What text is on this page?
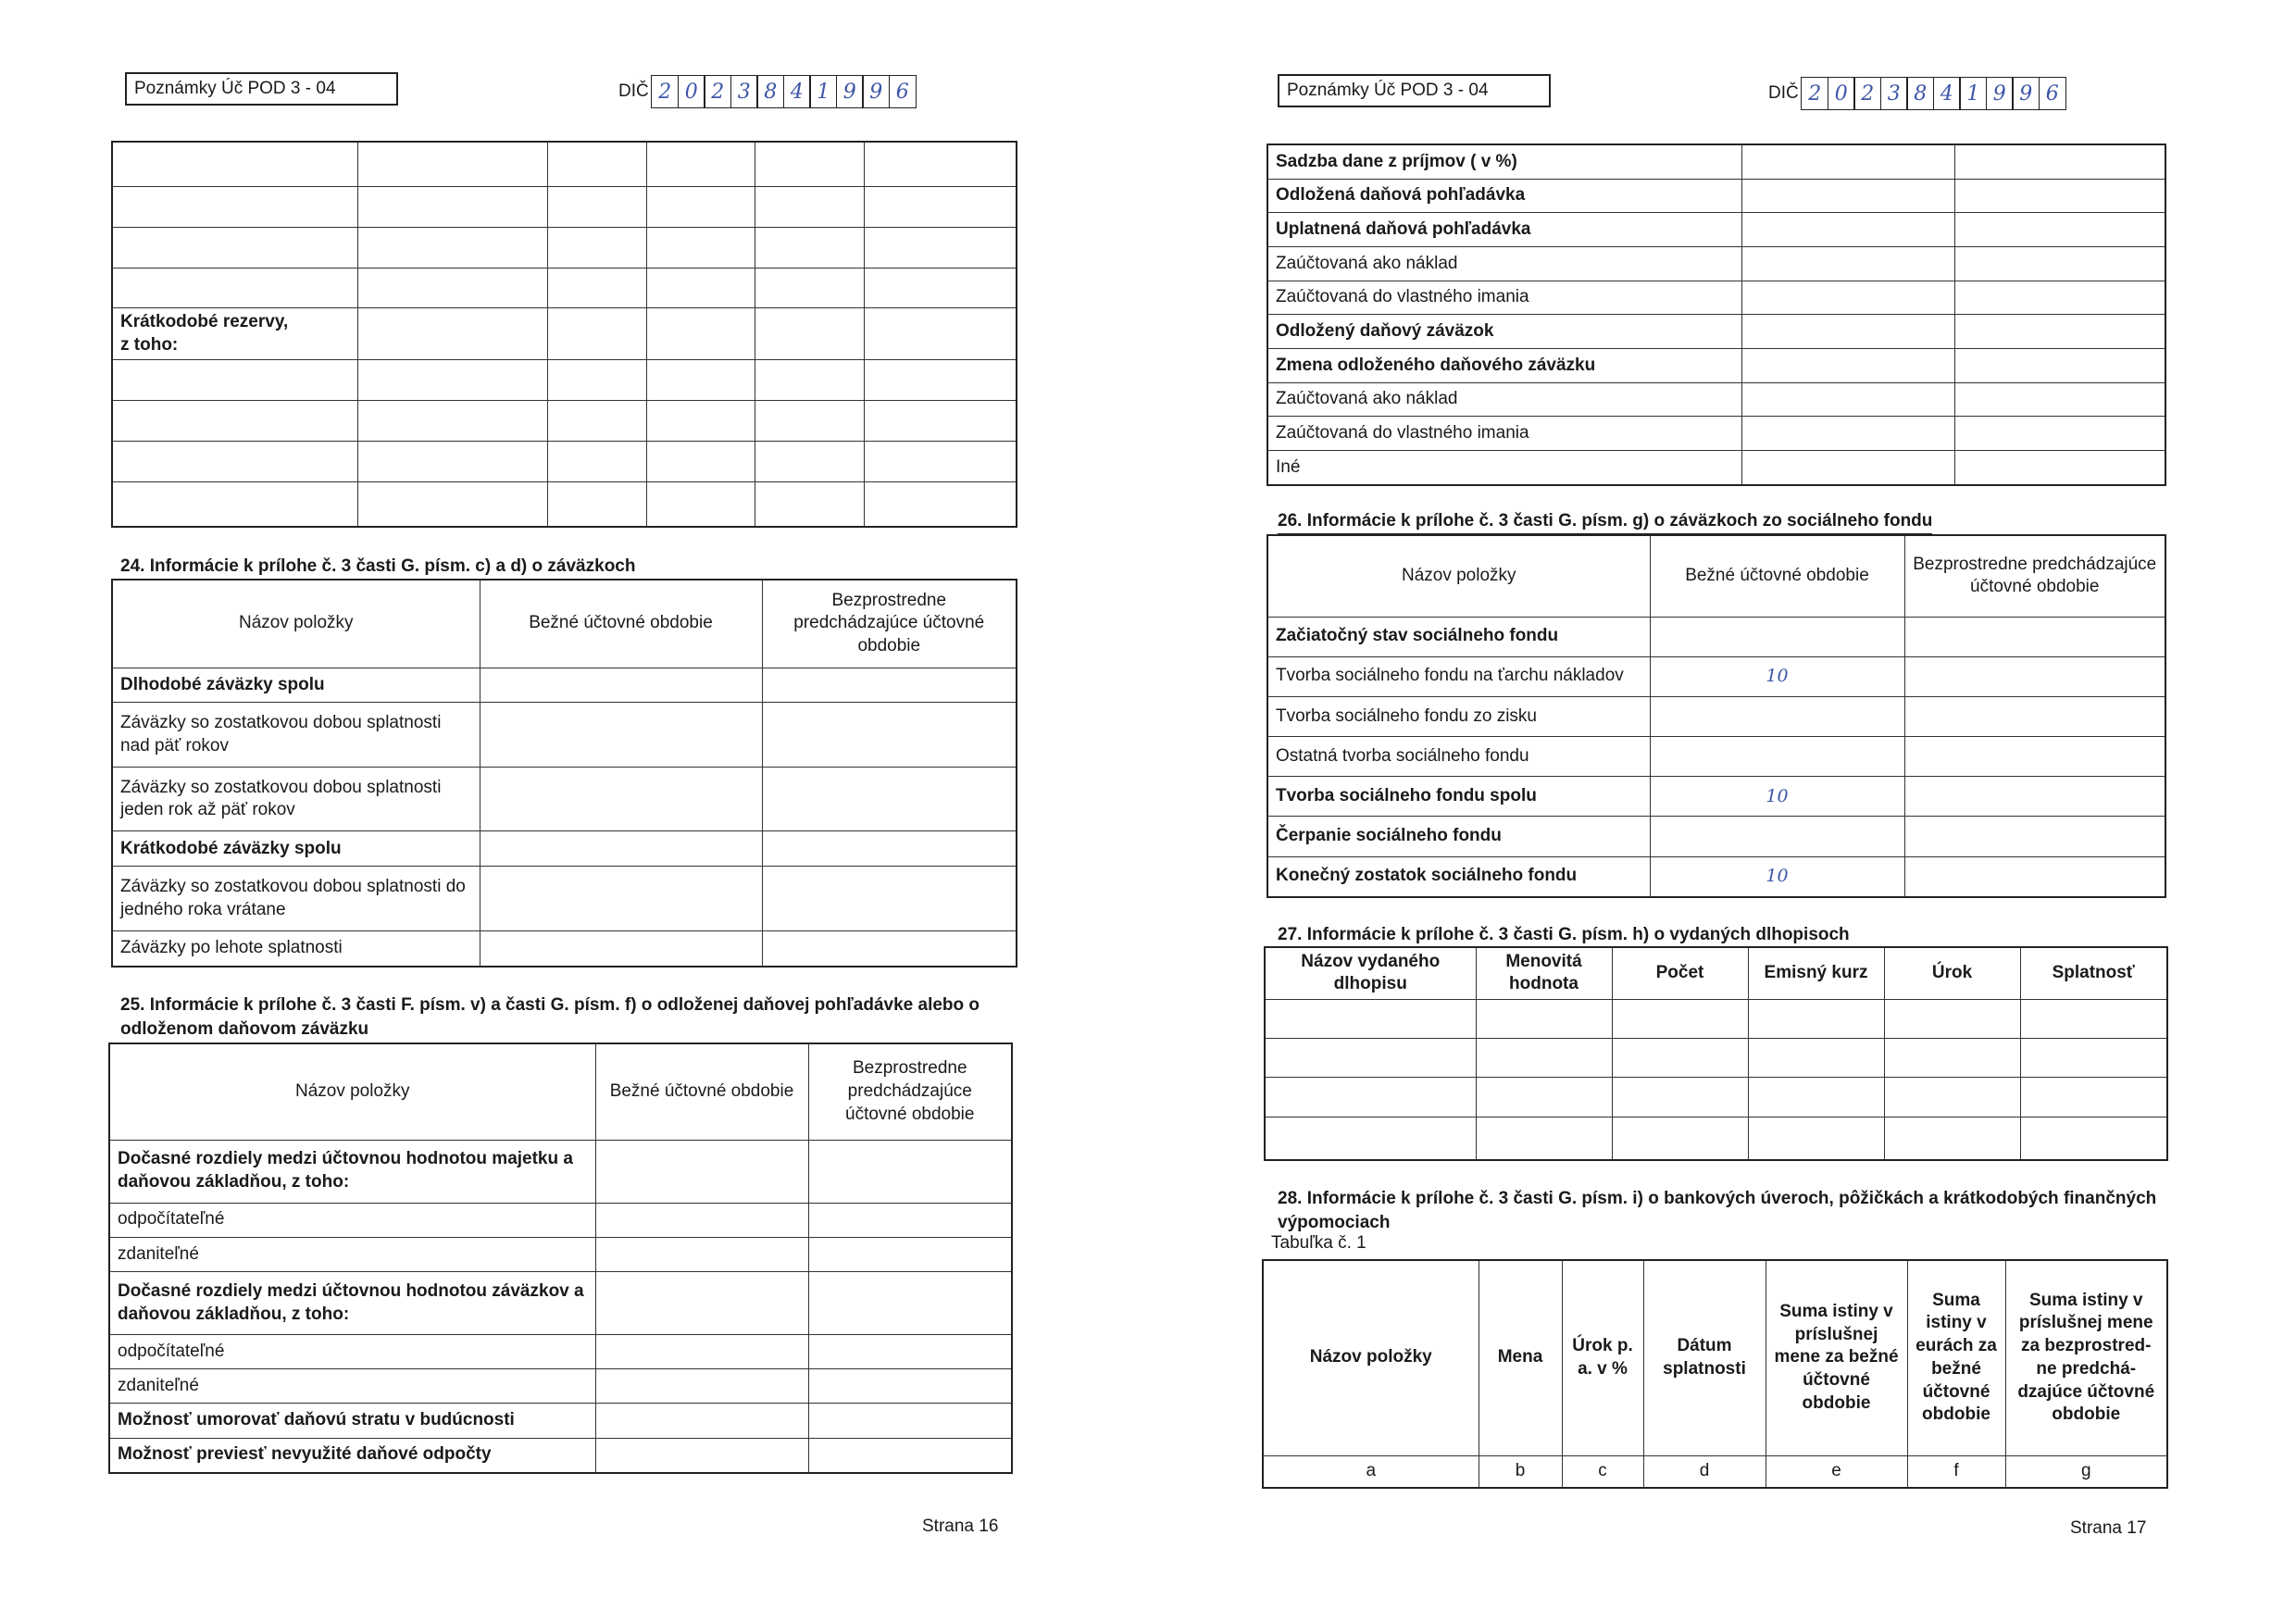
Poznámky Úč POD 3 - 04	DIČ 2 0 2 3 8 4 1 9 9 6

Krátkodobé rezervy,
z toho:					

24. Informácie k prílohe č. 3 časti G. písm. c) a d) o záväzkoch
Názov položky	Bežné účtovné obdobie	Bezprostredne predchádzajúce účtovné obdobie
Dlhodobé záväzky spolu		
Záväzky so zostatkovou dobou splatnosti nad päť rokov		
Záväzky so zostatkovou dobou splatnosti jeden rok až päť rokov		
Krátkodobé záväzky spolu		
Záväzky so zostatkovou dobou splatnosti do jedného roka vrátane		
Záväzky po lehote splatnosti		
25. Informácie k prílohe č. 3 časti F. písm. v) a časti G. písm. f) o odloženej daňovej pohľadávke alebo o odloženom daňovom záväzku
Názov položky	Bežné účtovné obdobie	Bezprostredne predchádzajúce účtovné obdobie
Dočasné rozdiely medzi účtovnou hodnotou majetku a daňovou základňou, z toho:		
odpočítateľné		
zdaniteľné		
Dočasné rozdiely medzi účtovnou hodnotou záväzkov a daňovou základňou, z toho:		
odpočítateľné		
zdaniteľné		
Možnosť umorovať daňovú stratu v budúcnosti		
Možnosť previesť nevyužité daňové odpočty		
Strana 16
Poznámky Úč POD 3 - 04	DIČ 2 0 2 3 8 4 1 9 9 6
Sadzba dane z príjmov ( v %)		
Odložená daňová pohľadávka		
Uplatnená daňová pohľadávka		
Zaúčtovaná ako náklad		
Zaúčtovaná do vlastného imania		
Odložený daňový záväzok		
Zmena odloženého daňového záväzku		
Zaúčtovaná ako náklad		
Zaúčtovaná do vlastného imania		
Iné		
26. Informácie k prílohe č. 3 časti G. písm. g) o záväzkoch zo sociálneho fondu
Názov položky	Bežné účtovné obdobie	Bezprostredne predchádzajúce účtovné obdobie
Začiatočný stav sociálneho fondu		
Tvorba sociálneho fondu na ťarchu nákladov	10	
Tvorba sociálneho fondu zo zisku		
Ostatná tvorba sociálneho fondu		
Tvorba sociálneho fondu spolu	10	
Čerpanie sociálneho fondu		
Konečný zostatok sociálneho fondu	10	
27. Informácie k prílohe č. 3 časti G. písm. h) o vydaných dlhopisoch
Názov vydaného dlhopisu	Menovitá hodnota	Počet	Emisný kurz	Úrok	Splatnosť

28. Informácie k prílohe č. 3 časti G. písm. i) o bankových úveroch, pôžičkách a krátkodobých finančných výpomociach
Tabuľka č. 1
Názov položky	Mena	Úrok p. a. v %	Dátum splatnosti	Suma istiny v príslušnej mene za bežné účtovné obdobie	Suma istiny v eurách za bežné účtovné obdobie	Suma istiny v príslušnej mene za bezprostred-ne predchá-dzajúce účtovné obdobie
a	b	c	d	e	f	g
Strana 17
